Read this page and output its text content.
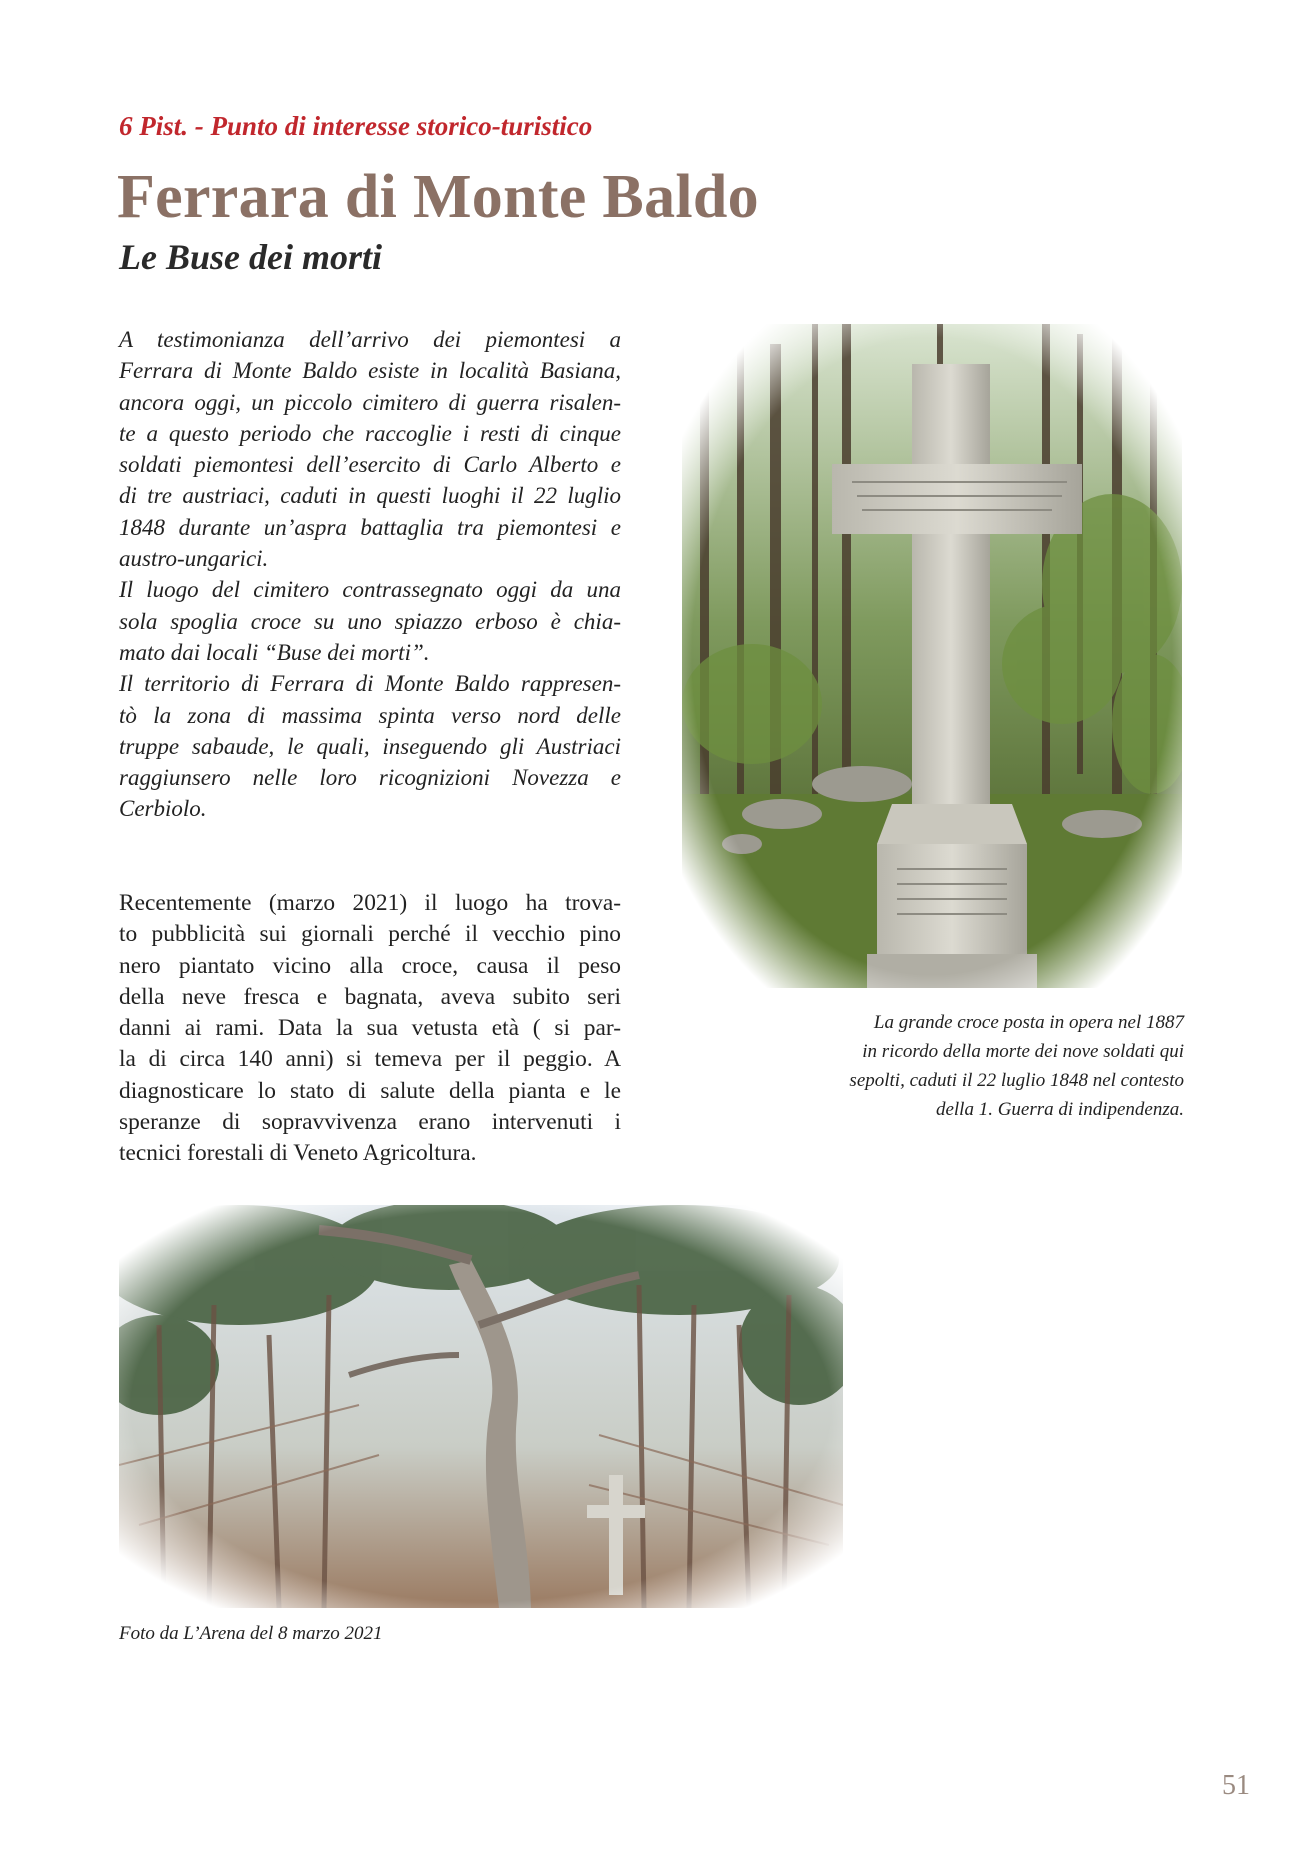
6 Pist. - Punto di interesse storico-turistico

Ferrara di Monte Baldo
Le Buse dei morti
A testimonianza dell’arrivo dei piemontesi a
Ferrara di Monte Baldo esiste in località Basiana,
ancora oggi, un piccolo cimitero di guerra risalen-
te a questo periodo che raccoglie i resti di cinque
soldati piemontesi dell’esercito di Carlo Alberto e
di tre austriaci, caduti in questi luoghi il 22 luglio
1848 durante un’aspra battaglia tra piemontesi e
austro-ungarici.
Il luogo del cimitero contrassegnato oggi da una
sola spoglia croce su uno spiazzo erboso è chia-
mato dai locali “Buse dei morti”.
Il territorio di Ferrara di Monte Baldo rappresen-
tò la zona di massima spinta verso nord delle
truppe sabaude, le quali, inseguendo gli Austriaci
raggiunsero nelle loro ricognizioni Novezza e
Cerbiolo.
Recentemente (marzo 2021) il luogo ha trova-
to pubblicità sui giornali perché il vecchio pino
nero piantato vicino alla croce, causa il peso
della neve fresca e bagnata, aveva subito seri
danni ai rami. Data la sua vetusta età ( si par-
la di circa 140 anni) si temeva per il peggio. A
diagnosticare lo stato di salute della pianta e le
speranze di sopravvivenza erano intervenuti i
tecnici forestali di Veneto Agricoltura.

La grande croce posta in opera nel 1887
in ricordo della morte dei nove soldati qui
sepolti, caduti il 22 luglio 1848 nel contesto
della 1. Guerra di indipendenza.

Foto da L’Arena del 8 marzo 2021

51
